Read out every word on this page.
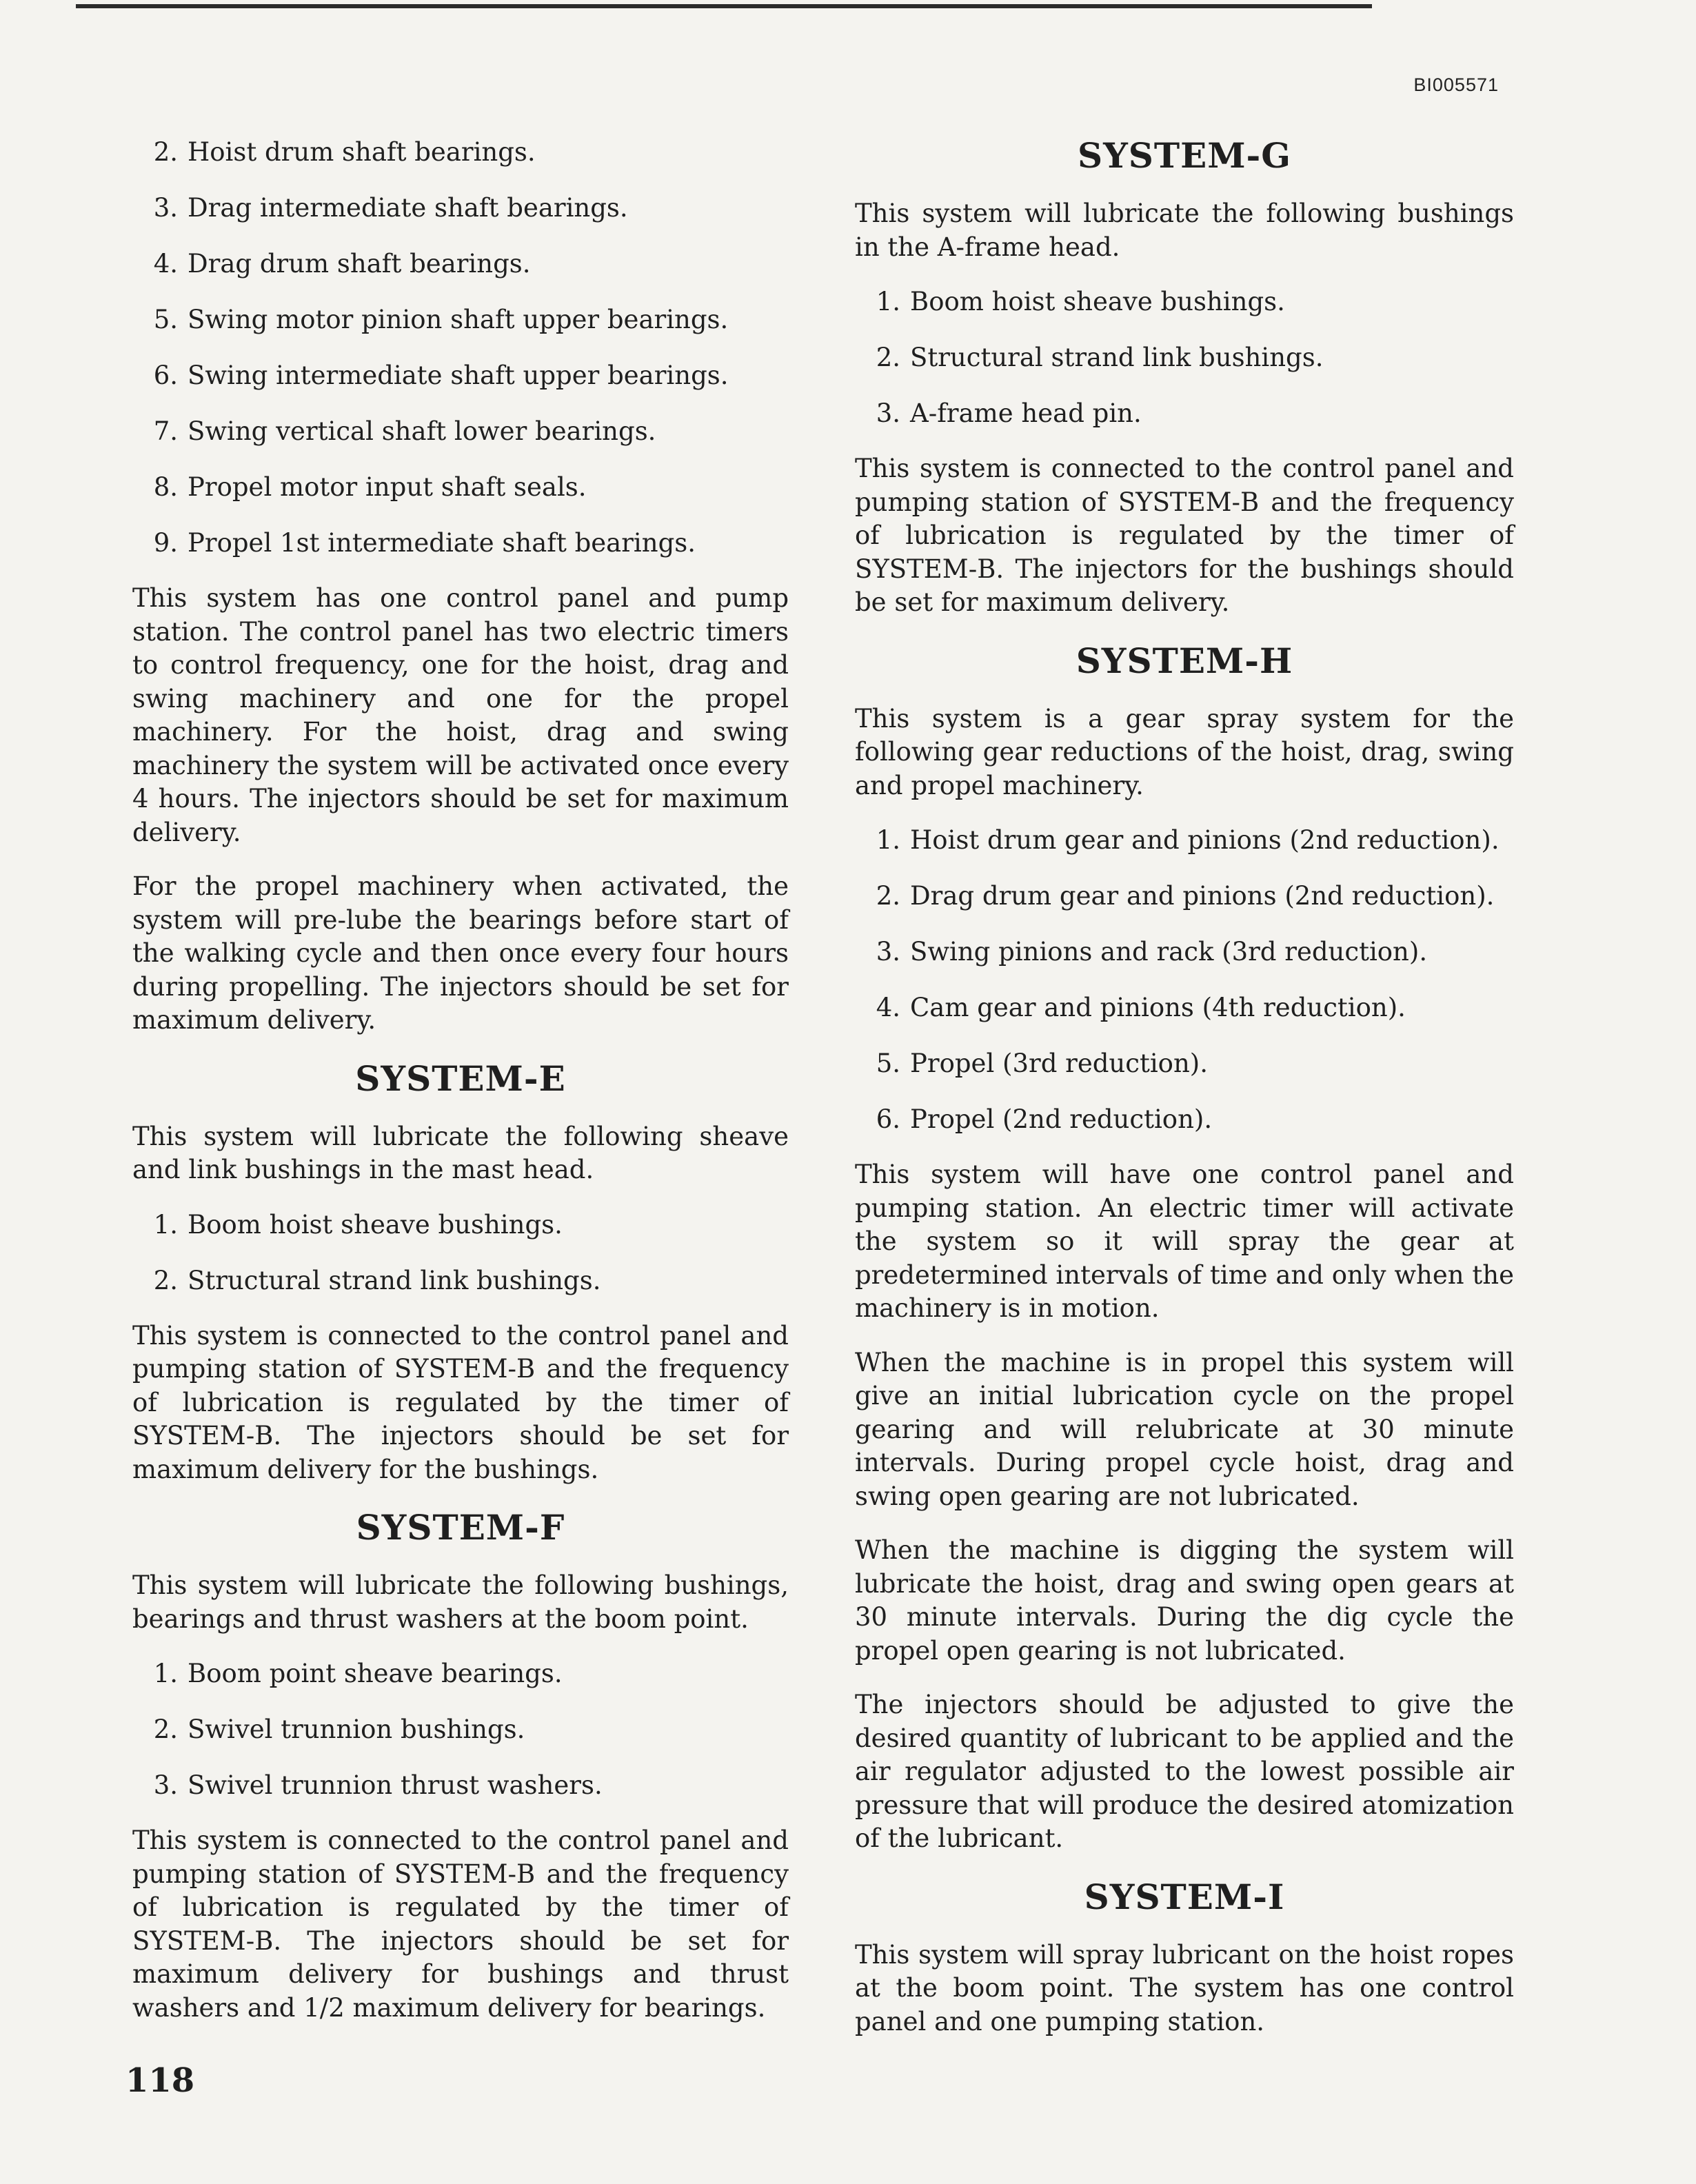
BI005571
2. Hoist drum shaft bearings.
3. Drag intermediate shaft bearings.
4. Drag drum shaft bearings.
5. Swing motor pinion shaft upper bearings.
6. Swing intermediate shaft upper bearings.
7. Swing vertical shaft lower bearings.
8. Propel motor input shaft seals.
9. Propel 1st intermediate shaft bearings.

This system has one control panel and pump station. The control panel has two electric timers to control frequency, one for the hoist, drag and swing machinery and one for the propel machinery. For the hoist, drag and swing machinery the system will be activated once every 4 hours. The injectors should be set for maximum delivery.

For the propel machinery when activated, the system will pre-lube the bearings before start of the walking cycle and then once every four hours during propelling. The injectors should be set for maximum delivery.

SYSTEM-E

This system will lubricate the following sheave and link bushings in the mast head.

1. Boom hoist sheave bushings.
2. Structural strand link bushings.

This system is connected to the control panel and pumping station of SYSTEM-B and the frequency of lubrication is regulated by the timer of SYSTEM-B. The injectors should be set for maximum delivery for the bushings.

SYSTEM-F

This system will lubricate the following bushings, bearings and thrust washers at the boom point.

1. Boom point sheave bearings.
2. Swivel trunnion bushings.
3. Swivel trunnion thrust washers.

This system is connected to the control panel and pumping station of SYSTEM-B and the frequency of lubrication is regulated by the timer of SYSTEM-B. The injectors should be set for maximum delivery for bushings and thrust washers and 1/2 maximum delivery for bearings.

SYSTEM-G

This system will lubricate the following bushings in the A-frame head.

1. Boom hoist sheave bushings.
2. Structural strand link bushings.
3. A-frame head pin.

This system is connected to the control panel and pumping station of SYSTEM-B and the frequency of lubrication is regulated by the timer of SYSTEM-B. The injectors for the bushings should be set for maximum delivery.

SYSTEM-H

This system is a gear spray system for the following gear reductions of the hoist, drag, swing and propel machinery.

1. Hoist drum gear and pinions (2nd reduction).
2. Drag drum gear and pinions (2nd reduction).
3. Swing pinions and rack (3rd reduction).
4. Cam gear and pinions (4th reduction).
5. Propel (3rd reduction).
6. Propel (2nd reduction).

This system will have one control panel and pumping station. An electric timer will activate the system so it will spray the gear at predetermined intervals of time and only when the machinery is in motion.

When the machine is in propel this system will give an initial lubrication cycle on the propel gearing and will relubricate at 30 minute intervals. During propel cycle hoist, drag and swing open gearing are not lubricated.

When the machine is digging the system will lubricate the hoist, drag and swing open gears at 30 minute intervals. During the dig cycle the propel open gearing is not lubricated.

The injectors should be adjusted to give the desired quantity of lubricant to be applied and the air regulator adjusted to the lowest possible air pressure that will produce the desired atomization of the lubricant.

SYSTEM-I

This system will spray lubricant on the hoist ropes at the boom point. The system has one control panel and one pumping station.

118
